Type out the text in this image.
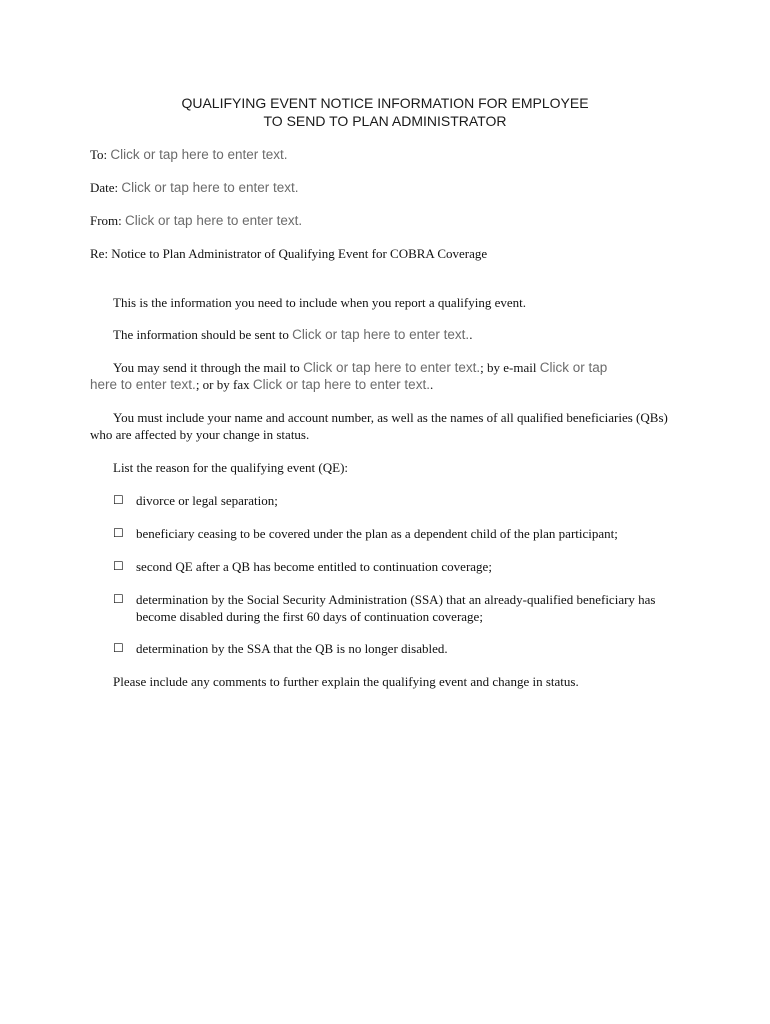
QUALIFYING EVENT NOTICE INFORMATION FOR EMPLOYEE
TO SEND TO PLAN ADMINISTRATOR
To: Click or tap here to enter text.
Date: Click or tap here to enter text.
From: Click or tap here to enter text.
Re: Notice to Plan Administrator of Qualifying Event for COBRA Coverage
This is the information you need to include when you report a qualifying event.
The information should be sent to Click or tap here to enter text..
You may send it through the mail to Click or tap here to enter text.; by e-mail Click or tap
here to enter text.; or by fax Click or tap here to enter text..
You must include your name and account number, as well as the names of all qualified beneficiaries (QBs) who are affected by your change in status.
List the reason for the qualifying event (QE):
☐ divorce or legal separation;
☐ beneficiary ceasing to be covered under the plan as a dependent child of the plan participant;
☐ second QE after a QB has become entitled to continuation coverage;
☐ determination by the Social Security Administration (SSA) that an already-qualified beneficiary has become disabled during the first 60 days of continuation coverage;
☐ determination by the SSA that the QB is no longer disabled.
Please include any comments to further explain the qualifying event and change in status.
